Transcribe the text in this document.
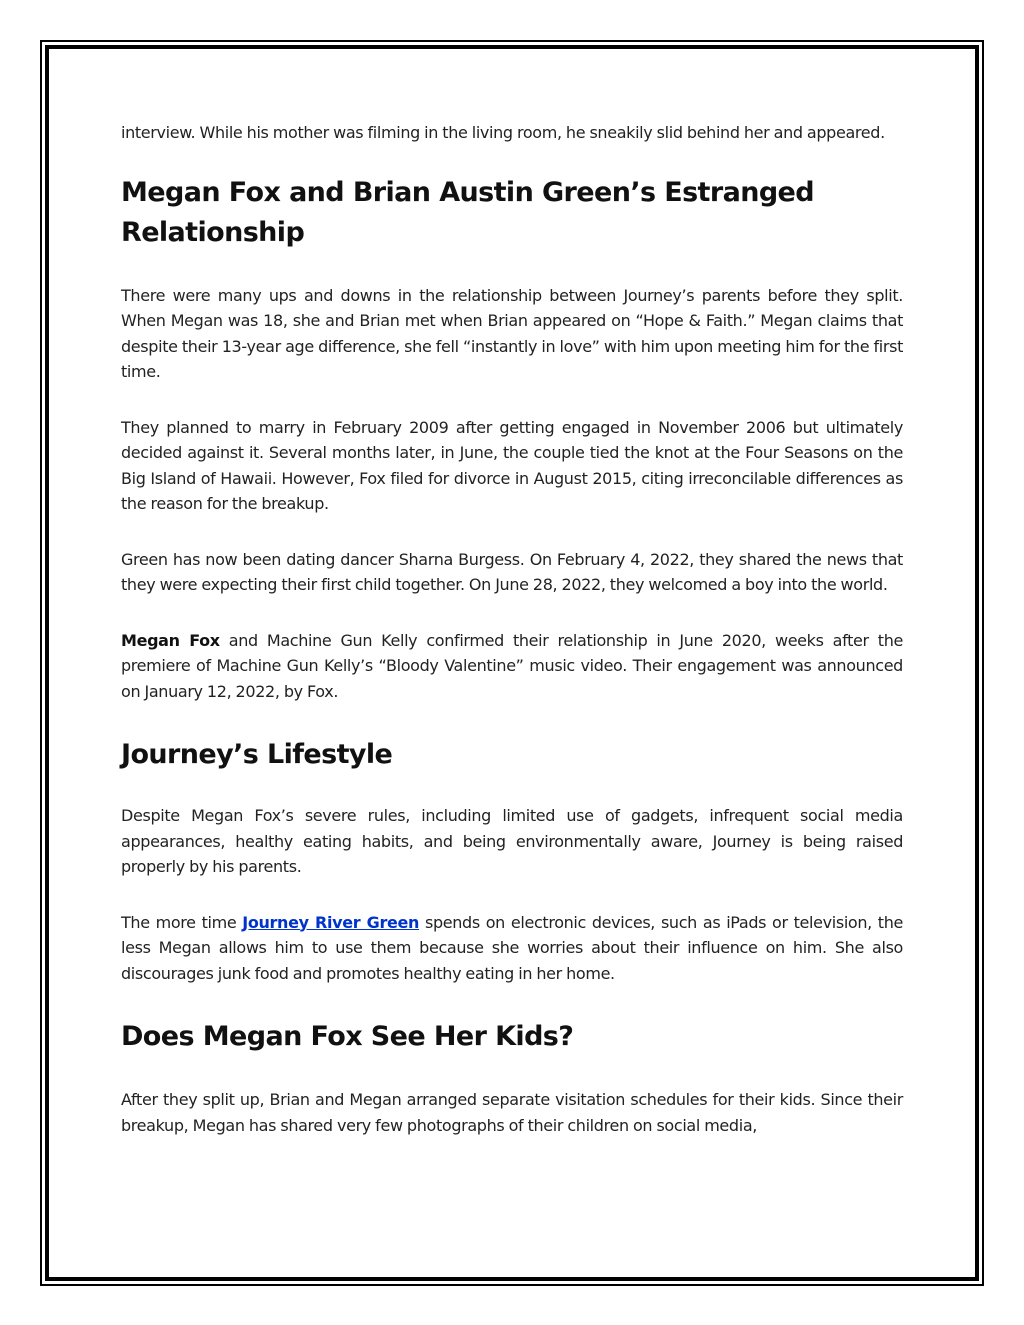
interview. While his mother was filming in the living room, he sneakily slid behind her and appeared.

Megan Fox and Brian Austin Green’s Estranged Relationship

There were many ups and downs in the relationship between Journey’s parents before they split. When Megan was 18, she and Brian met when Brian appeared on “Hope & Faith.” Megan claims that despite their 13-year age difference, she fell “instantly in love” with him upon meeting him for the first time.

They planned to marry in February 2009 after getting engaged in November 2006 but ultimately decided against it. Several months later, in June, the couple tied the knot at the Four Seasons on the Big Island of Hawaii. However, Fox filed for divorce in August 2015, citing irreconcilable differences as the reason for the breakup.

Green has now been dating dancer Sharna Burgess. On February 4, 2022, they shared the news that they were expecting their first child together. On June 28, 2022, they welcomed a boy into the world.

Megan Fox and Machine Gun Kelly confirmed their relationship in June 2020, weeks after the premiere of Machine Gun Kelly’s “Bloody Valentine” music video. Their engagement was announced on January 12, 2022, by Fox.

Journey’s Lifestyle

Despite Megan Fox’s severe rules, including limited use of gadgets, infrequent social media appearances, healthy eating habits, and being environmentally aware, Journey is being raised properly by his parents.

The more time Journey River Green spends on electronic devices, such as iPads or television, the less Megan allows him to use them because she worries about their influence on him. She also discourages junk food and promotes healthy eating in her home.

Does Megan Fox See Her Kids?

After they split up, Brian and Megan arranged separate visitation schedules for their kids. Since their breakup, Megan has shared very few photographs of their children on social media,
